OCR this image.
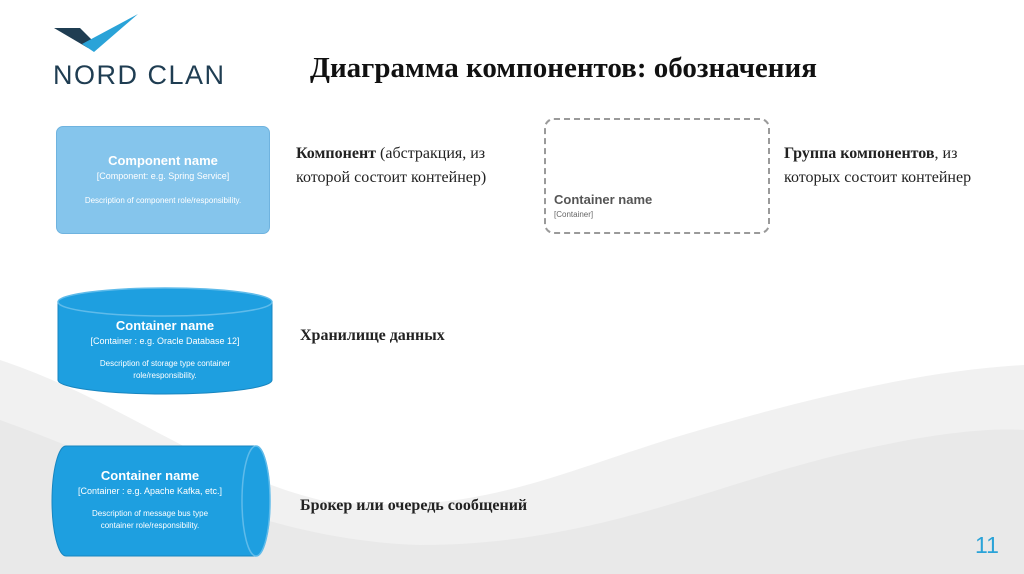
NORD CLAN	Диаграмма компонентов: обозначения
Component name
[Component: e.g. Spring Service]
Description of component role/responsibility.
Компонент (абстракция, из которой состоит контейнер)
Container name
[Container]
Группа компонентов, из которых состоит контейнер
Container name
[Container : e.g. Oracle Database 12]
Description of storage type container
role/responsibility.
Хранилище данных
Container name
[Container : e.g. Apache Kafka, etc.]
Description of message bus type
container role/responsibility.
Брокер или очередь сообщений
11
